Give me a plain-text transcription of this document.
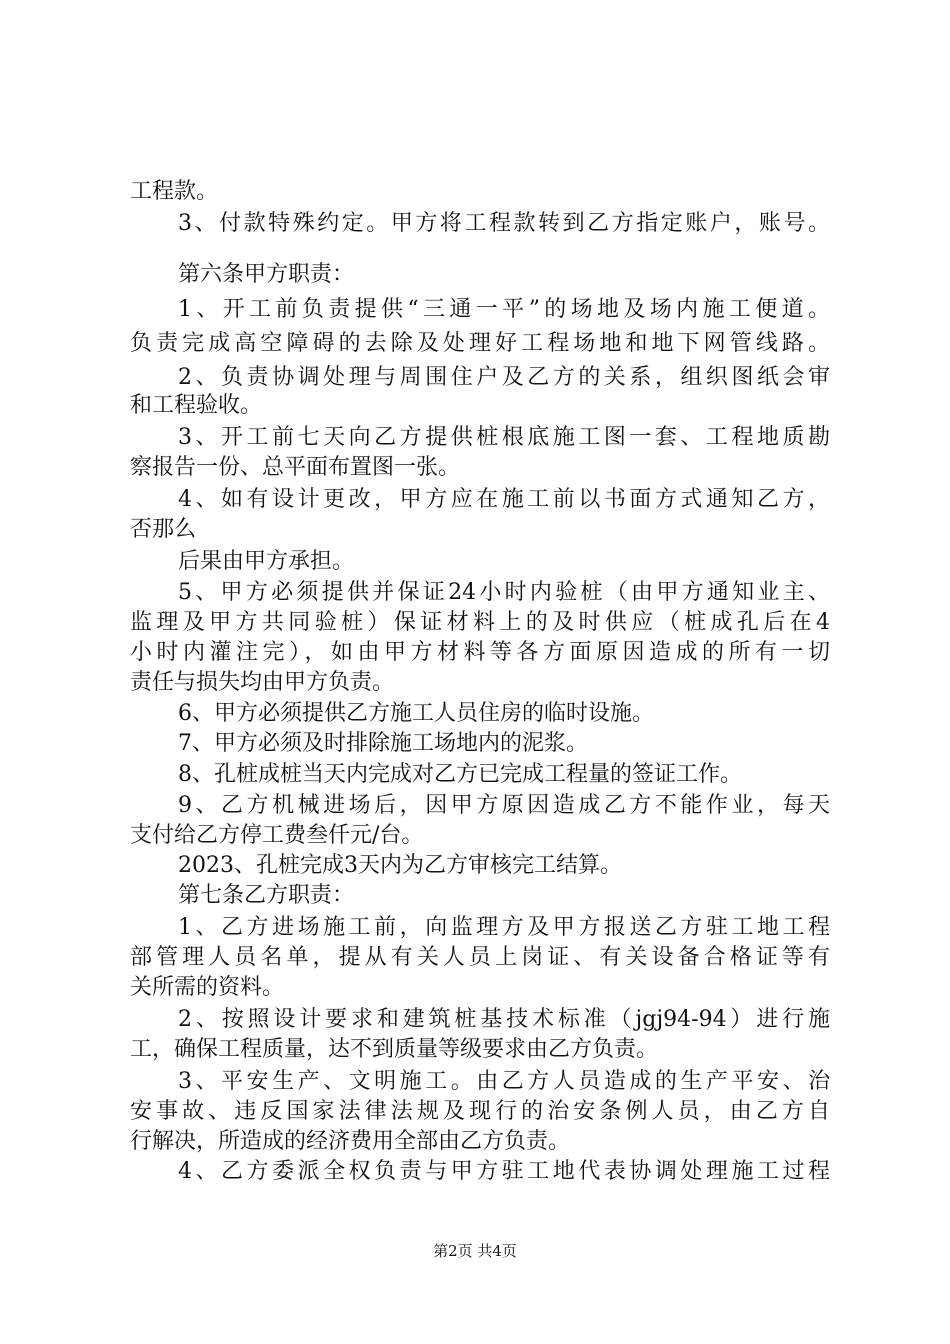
工程款。
3、付款特殊约定。甲方将工程款转到乙方指定账户，账号。
第六条甲方职责：
1、开工前负责提供“三通一平”的场地及场内施工便道。
负责完成高空障碍的去除及处理好工程场地和地下网管线路。
2、负责协调处理与周围住户及乙方的关系，组织图纸会审
和工程验收。
3、开工前七天向乙方提供桩根底施工图一套、工程地质勘
察报告一份、总平面布置图一张。
4、如有设计更改，甲方应在施工前以书面方式通知乙方，
否那么
后果由甲方承担。
5、甲方必须提供并保证24小时内验桩（由甲方通知业主、
监理及甲方共同验桩）保证材料上的及时供应（桩成孔后在4
小时内灌注完），如由甲方材料等各方面原因造成的所有一切
责任与损失均由甲方负责。
6、甲方必须提供乙方施工人员住房的临时设施。
7、甲方必须及时排除施工场地内的泥浆。
8、孔桩成桩当天内完成对乙方已完成工程量的签证工作。
9、乙方机械进场后，因甲方原因造成乙方不能作业，每天
支付给乙方停工费叁仟元/台。
2023、孔桩完成3天内为乙方审核完工结算。
第七条乙方职责：
1、乙方进场施工前，向监理方及甲方报送乙方驻工地工程
部管理人员名单，提从有关人员上岗证、有关设备合格证等有
关所需的资料。
2、按照设计要求和建筑桩基技术标准（jgj94-94）进行施
工，确保工程质量，达不到质量等级要求由乙方负责。
3、平安生产、文明施工。由乙方人员造成的生产平安、治
安事故、违反国家法律法规及现行的治安条例人员，由乙方自
行解决，所造成的经济费用全部由乙方负责。
4、乙方委派全权负责与甲方驻工地代表协调处理施工过程
第2页 共4页
